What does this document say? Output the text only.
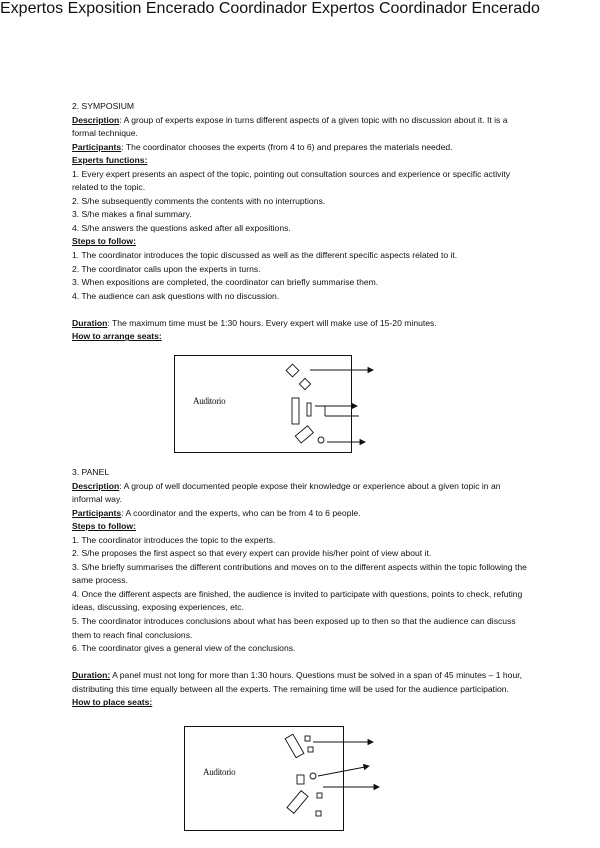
2. SYMPOSIUM

Description: A group of experts expose in turns different aspects of a given topic with no discussion about it. It is a formal technique.

Participants: The coordinator chooses the experts (from 4 to 6) and prepares the materials needed.

Experts functions:

1. Every expert presents an aspect of the topic, pointing out consultation sources and experience or specific activity related to the topic.

2. S/he subsequently comments the contents with no interruptions.

3. S/he makes a final summary.

4. S/he answers the questions asked after all expositions.

Steps to follow:

1. The coordinator introduces the topic discussed as well as the different specific aspects related to it.

2. The coordinator calls upon the experts in turns.

3. When expositions are completed, the coordinator can briefly summarise them.

4. The audience can ask questions with no discussion.

Duration: The maximum time must be 1:30 hours. Every expert will make use of 15-20 minutes.

How to arrange seats:

Auditorio
Expertos Exposition Encerado Coordinador

3. PANEL

Description: A group of well documented people expose their knowledge or experience about a given topic in an informal way.

Participants: A coordinator and the experts, who can be from 4 to 6 people.

Steps to follow:

1. The coordinator introduces the topic to the experts.

2. S/he proposes the first aspect so that every expert can provide his/her point of view about it.

3. S/he briefly summarises the different contributions and moves on to the different aspects within the topic following the same process.

4. Once the different aspects are finished, the audience is invited to participate with questions, points to check, refuting ideas, discussing, exposing experiences, etc.

5. The coordinator introduces conclusions about what has been exposed up to then so that the audience can discuss them to reach final conclusions.

6. The coordinator gives a general view of the conclusions.

Duration: A panel must not long for more than 1:30 hours. Questions must be solved in a span of 45 minutes – 1 hour, distributing this time equally between all the experts. The remaining time will be used for the audience participation.

How to place seats:

Auditorio
Expertos Coordinador Encerado
